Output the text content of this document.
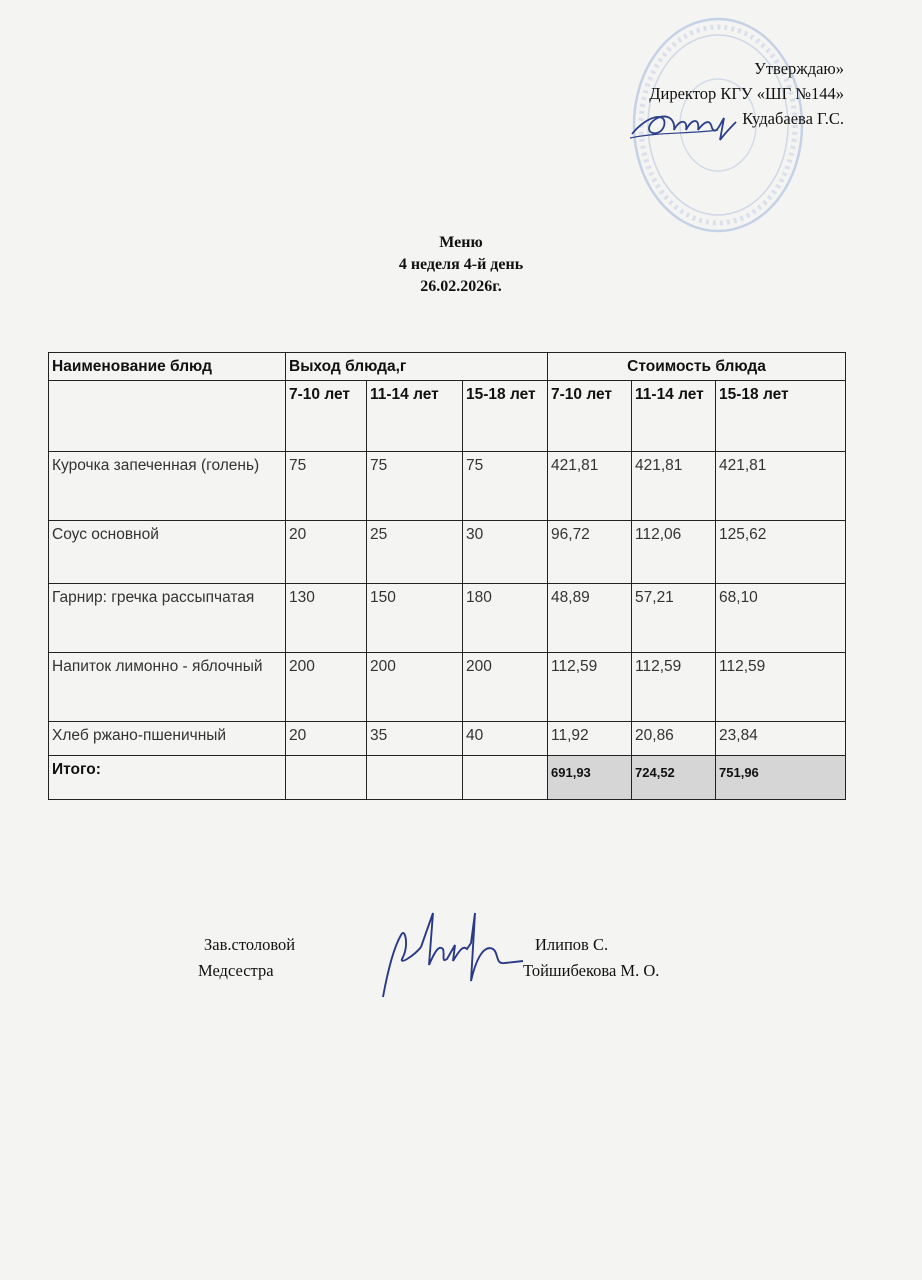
Утверждаю»
Директор КГУ «ШГ №144»
Кудабаева Г.С.
Меню
4 неделя 4-й день
26.02.2026г.
Наименование блюд	Выход блюда,г			Стоимость блюда		
	7-10 лет	11-14 лет	15-18 лет	7-10 лет	11-14 лет	15-18 лет
Курочка запеченная (голень)	75	75	75	421,81	421,81	421,81
Соус основной	20	25	30	96,72	112,06	125,62
Гарнир: гречка рассыпчатая	130	150	180	48,89	57,21	68,10
Напиток лимонно - яблочный	200	200	200	112,59	112,59	112,59
Хлеб ржано-пшеничный	20	35	40	11,92	20,86	23,84
Итого:				691,93	724,52	751,96
Зав.столовой
Медсестра
Илипов С.
Тойшибекова М. О.
